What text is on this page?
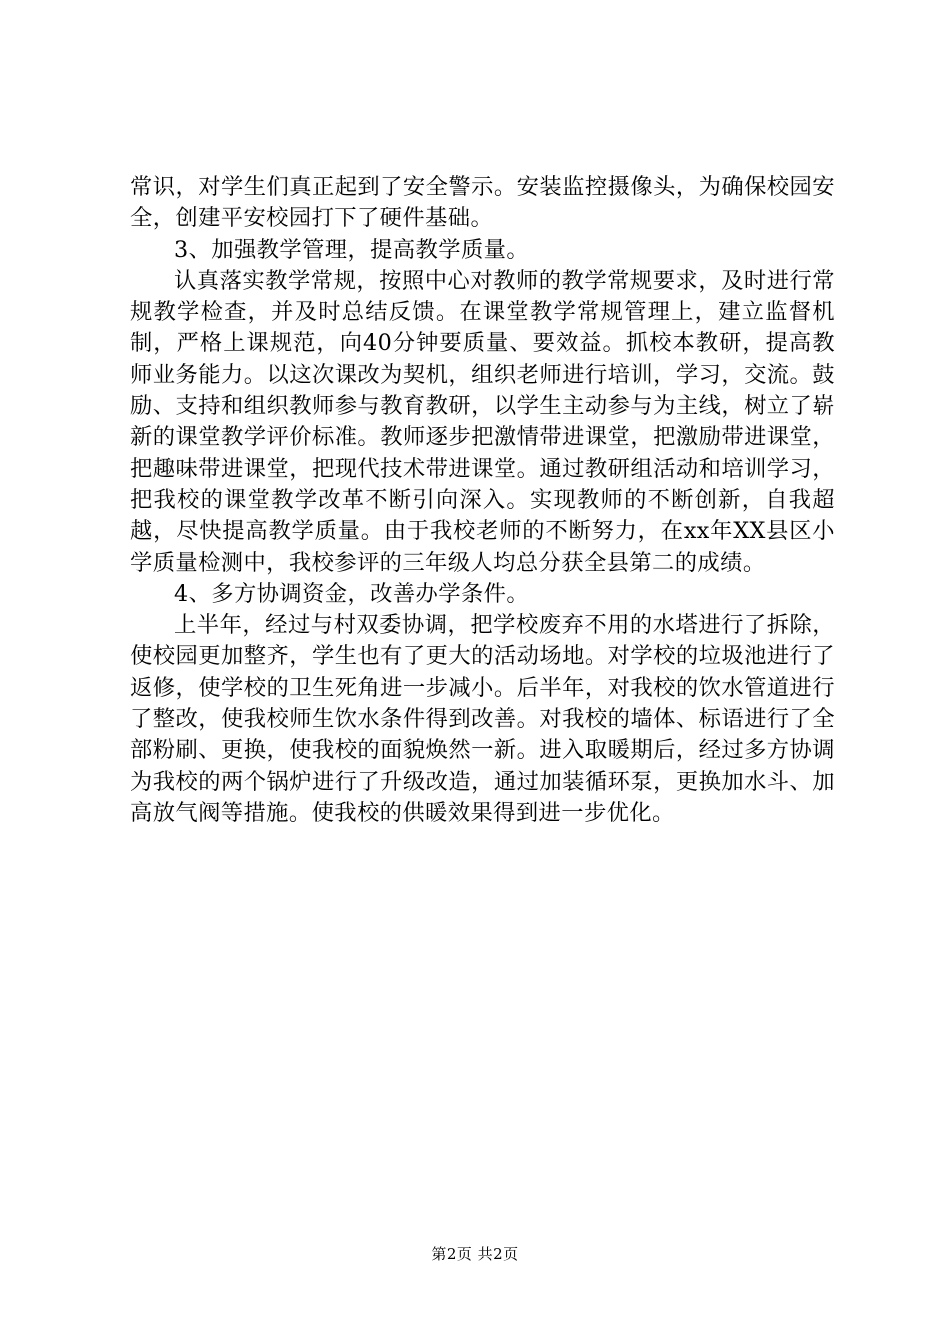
常识，对学生们真正起到了安全警示。安装监控摄像头，为确保校园安全，创建平安校园打下了硬件基础。

3、加强教学管理，提高教学质量。

认真落实教学常规，按照中心对教师的教学常规要求，及时进行常规教学检查，并及时总结反馈。在课堂教学常规管理上，建立监督机制，严格上课规范，向40分钟要质量、要效益。抓校本教研，提高教师业务能力。以这次课改为契机，组织老师进行培训，学习，交流。鼓励、支持和组织教师参与教育教研，以学生主动参与为主线，树立了崭新的课堂教学评价标准。教师逐步把激情带进课堂，把激励带进课堂，把趣味带进课堂，把现代技术带进课堂。通过教研组活动和培训学习，把我校的课堂教学改革不断引向深入。实现教师的不断创新，自我超越，尽快提高教学质量。由于我校老师的不断努力，在xx年XX县区小学质量检测中，我校参评的三年级人均总分获全县第二的成绩。

4、多方协调资金，改善办学条件。

上半年，经过与村双委协调，把学校废弃不用的水塔进行了拆除，使校园更加整齐，学生也有了更大的活动场地。对学校的垃圾池进行了返修，使学校的卫生死角进一步减小。后半年，对我校的饮水管道进行了整改，使我校师生饮水条件得到改善。对我校的墙体、标语进行了全部粉刷、更换，使我校的面貌焕然一新。进入取暖期后，经过多方协调为我校的两个锅炉进行了升级改造，通过加装循环泵，更换加水斗、加高放气阀等措施。使我校的供暖效果得到进一步优化。

第2页 共2页
